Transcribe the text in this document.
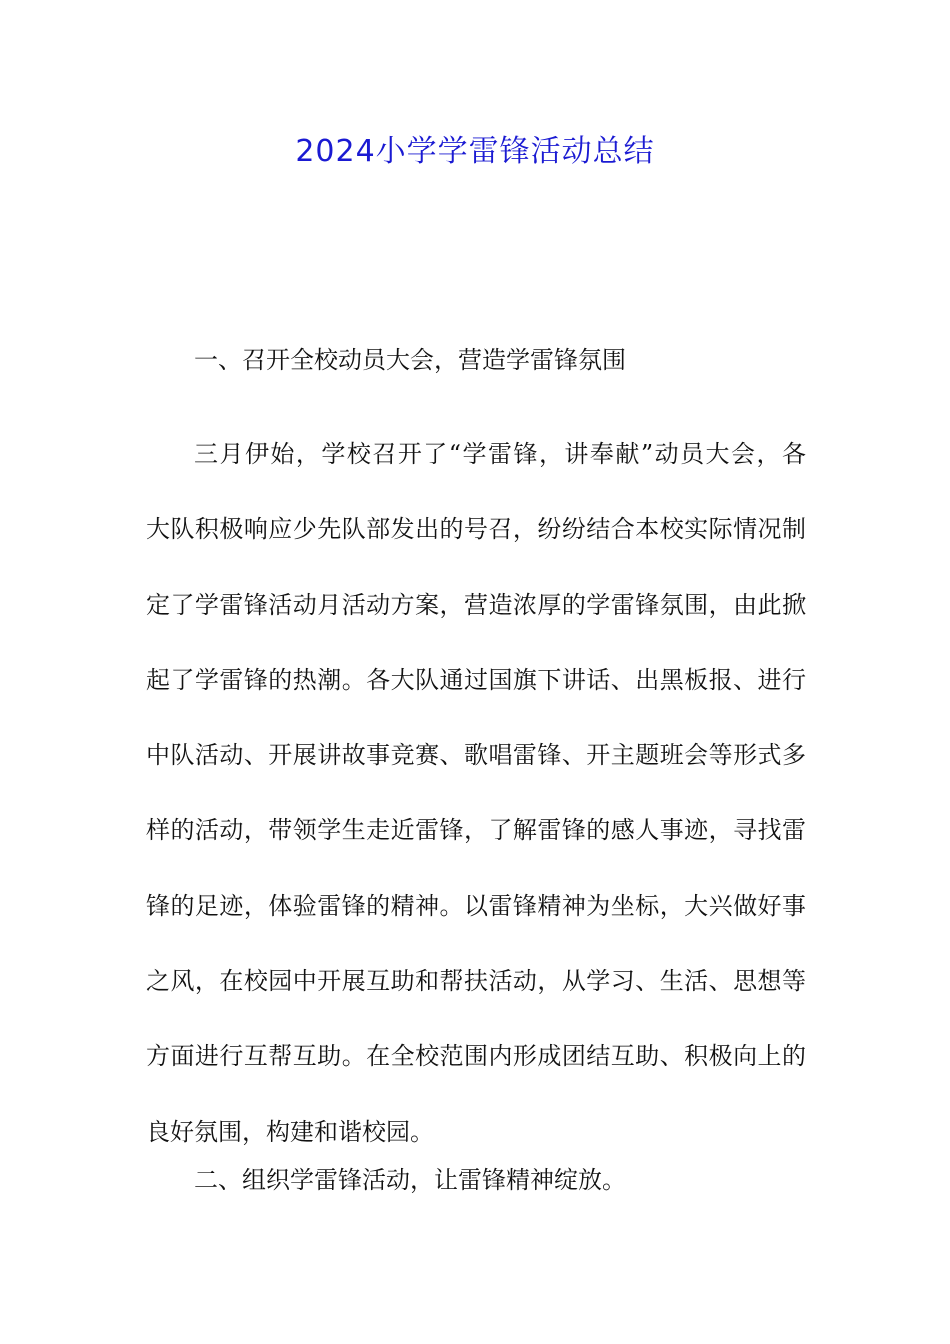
2024小学学雷锋活动总结
一、召开全校动员大会，营造学雷锋氛围
三月伊始，学校召开了“学雷锋，讲奉献”动员大会，各
大队积极响应少先队部发出的号召，纷纷结合本校实际情况制
定了学雷锋活动月活动方案，营造浓厚的学雷锋氛围，由此掀
起了学雷锋的热潮。各大队通过国旗下讲话、出黑板报、进行
中队活动、开展讲故事竞赛、歌唱雷锋、开主题班会等形式多
样的活动，带领学生走近雷锋，了解雷锋的感人事迹，寻找雷
锋的足迹，体验雷锋的精神。以雷锋精神为坐标，大兴做好事
之风，在校园中开展互助和帮扶活动，从学习、生活、思想等
方面进行互帮互助。在全校范围内形成团结互助、积极向上的
良好氛围，构建和谐校园。
二、组织学雷锋活动，让雷锋精神绽放。
